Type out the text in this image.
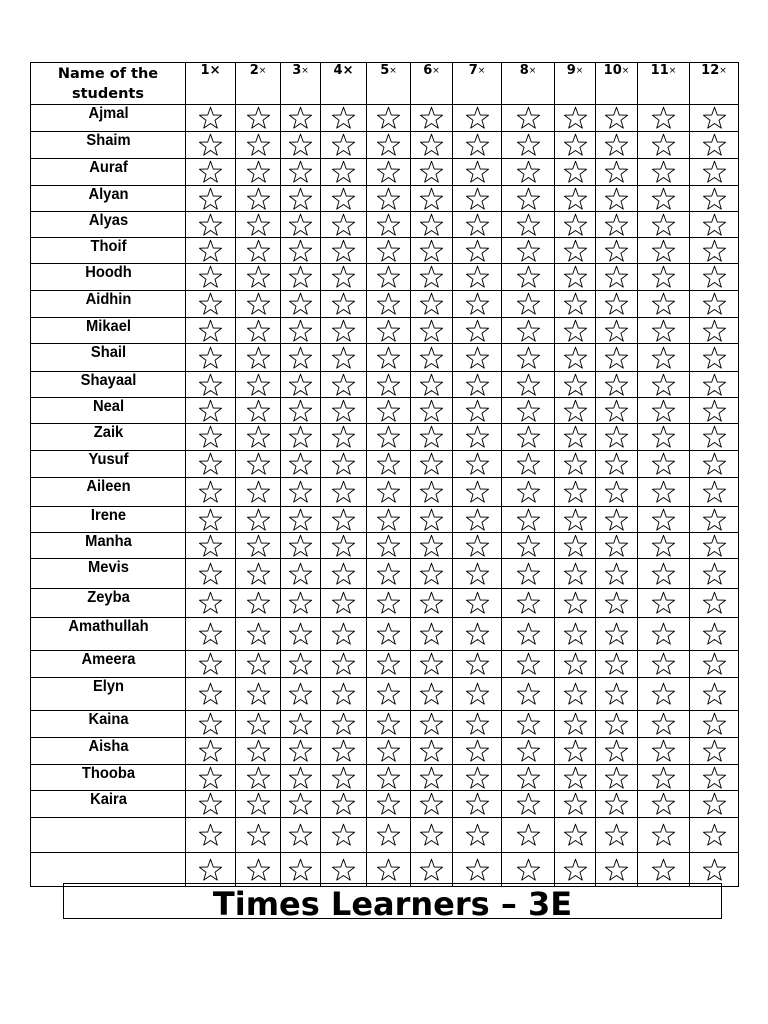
Name of the students	1×	2×	3×	4×	5×	6×	7×	8×	9×	10×	11×	12×
Ajmal												
Shaim												
Auraf												
Alyan												
Alyas												
Thoif												
Hoodh												
Aidhin												
Mikael												
Shail												
Shayaal												
Neal												
Zaik												
Yusuf												
Aileen												
Irene												
Manha												
Mevis												
Zeyba												
Amathullah												
Ameera												
Elyn												
Kaina												
Aisha												
Thooba												
Kaira												

Times Learners – 3E
